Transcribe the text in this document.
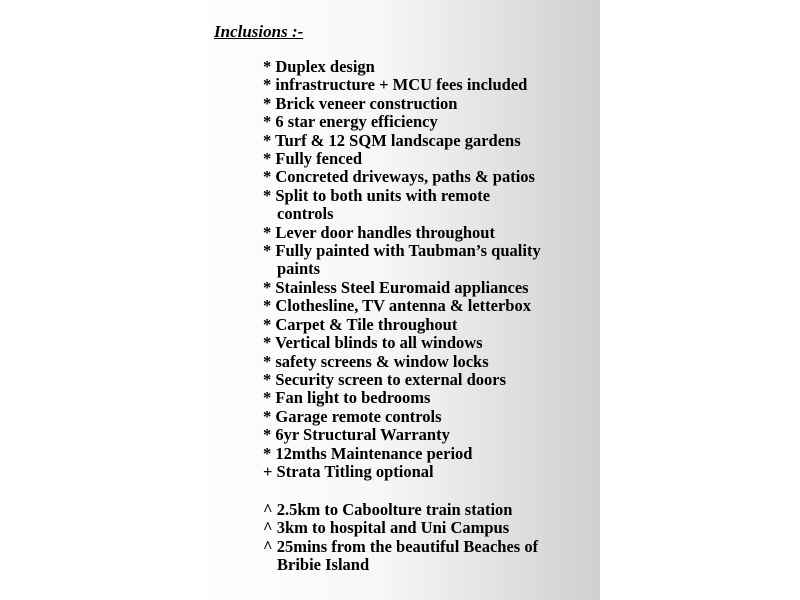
Inclusions :-
* Duplex design
* infrastructure + MCU fees included
* Brick veneer construction
* 6 star energy efficiency
* Turf & 12 SQM landscape gardens
* Fully fenced
* Concreted driveways, paths & patios
* Split to both units with remote
controls
* Lever door handles throughout
* Fully painted with Taubman’s quality
paints
* Stainless Steel Euromaid appliances
* Clothesline, TV antenna & letterbox
* Carpet & Tile throughout
* Vertical blinds to all windows
* safety screens & window locks
* Security screen to external doors
* Fan light to bedrooms
* Garage remote controls
* 6yr Structural Warranty
* 12mths Maintenance period
+ Strata Titling optional
^ 2.5km to Caboolture train station
^ 3km to hospital and Uni Campus
^ 25mins from the beautiful Beaches of
Bribie Island
